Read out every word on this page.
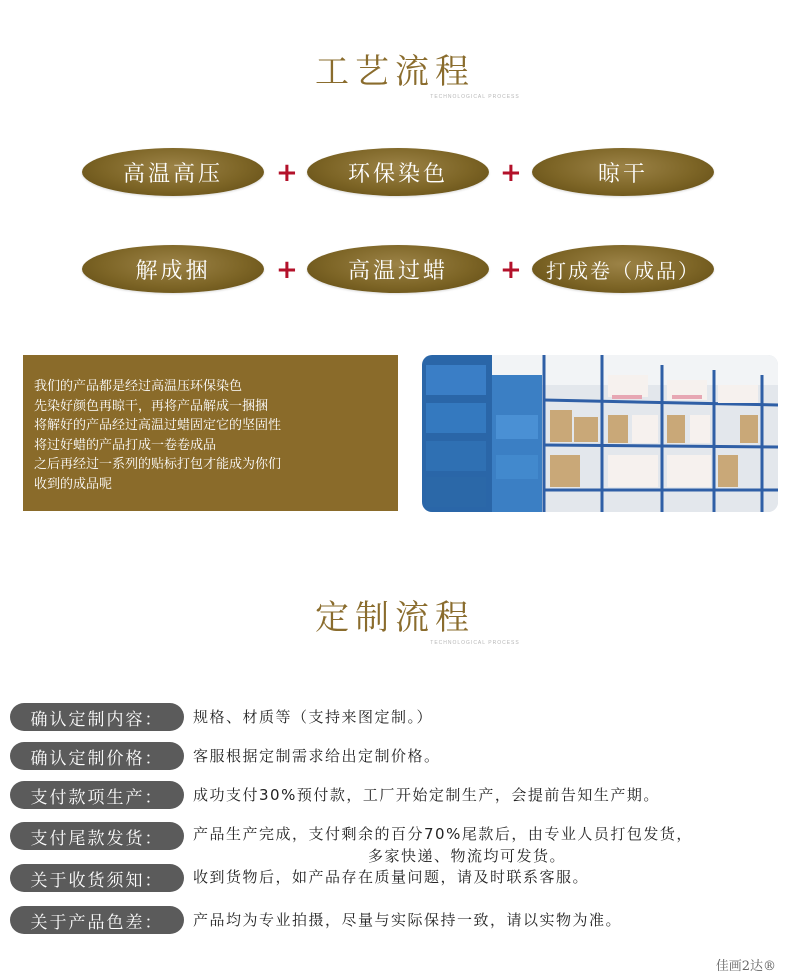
工艺流程
TECHNOLOGICAL PROCESS
高温高压	+	环保染色	+	晾干
解成捆	+	高温过蜡	+	打成卷（成品）
我们的产品都是经过高温压环保染色
先染好颜色再晾干，再将产品解成一捆捆
将解好的产品经过高温过蜡固定它的坚固性
将过好蜡的产品打成一卷卷成品
之后再经过一系列的贴标打包才能成为你们
收到的成品呢
定制流程
TECHNOLOGICAL PROCESS
确认定制内容：	规格、材质等（支持来图定制。）
确认定制价格：	客服根据定制需求给出定制价格。
支付款项生产：	成功支付30%预付款，工厂开始定制生产，会提前告知生产期。
支付尾款发货：	产品生产完成，支付剩余的百分70%尾款后，由专业人员打包发货，
多家快递、物流均可发货。
关于收货须知：	收到货物后，如产品存在质量问题，请及时联系客服。
关于产品色差：	产品均为专业拍摄，尽量与实际保持一致，请以实物为准。
佳画2达®
